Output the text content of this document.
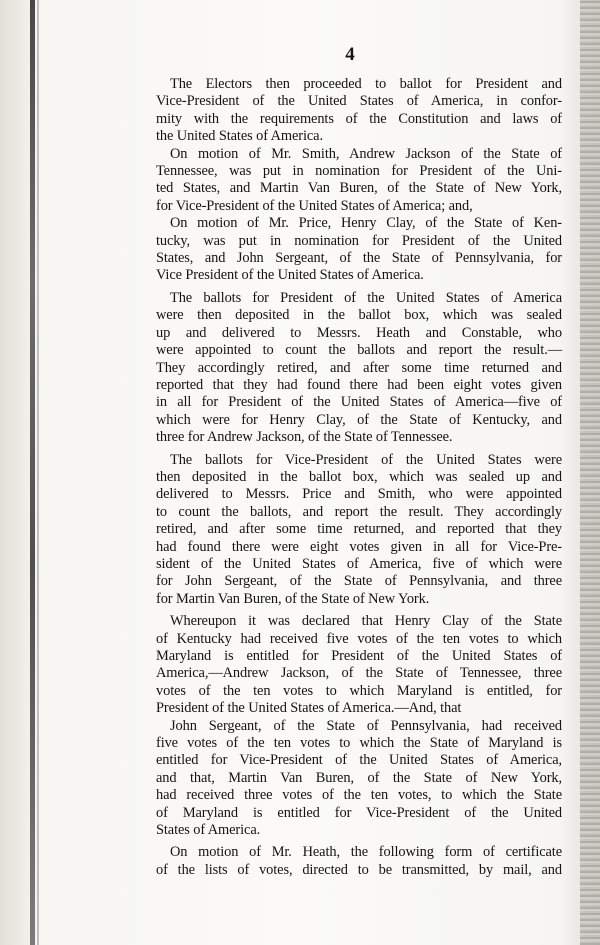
4

The Electors then proceeded to ballot for President and
Vice-President of the United States of America, in confor-
mity with the requirements of the Constitution and laws of
the United States of America.

On motion of Mr. Smith, Andrew Jackson of the State of
Tennessee, was put in nomination for President of the Uni-
ted States, and Martin Van Buren, of the State of New York,
for Vice-President of the United States of America; and,

On motion of Mr. Price, Henry Clay, of the State of Ken-
tucky, was put in nomination for President of the United
States, and John Sergeant, of the State of Pennsylvania, for
Vice President of the United States of America.

The ballots for President of the United States of America
were then deposited in the ballot box, which was sealed
up and delivered to Messrs. Heath and Constable, who
were appointed to count the ballots and report the result.—
They accordingly retired, and after some time returned and
reported that they had found there had been eight votes given
in all for President of the United States of America—five of
which were for Henry Clay, of the State of Kentucky, and
three for Andrew Jackson, of the State of Tennessee.

The ballots for Vice-President of the United States were
then deposited in the ballot box, which was sealed up and
delivered to Messrs. Price and Smith, who were appointed
to count the ballots, and report the result. They accordingly
retired, and after some time returned, and reported that they
had found there were eight votes given in all for Vice-Pre-
sident of the United States of America, five of which were
for John Sergeant, of the State of Pennsylvania, and three
for Martin Van Buren, of the State of New York.

Whereupon it was declared that Henry Clay of the State
of Kentucky had received five votes of the ten votes to which
Maryland is entitled for President of the United States of
America,—Andrew Jackson, of the State of Tennessee, three
votes of the ten votes to which Maryland is entitled, for
President of the United States of America.—And, that

John Sergeant, of the State of Pennsylvania, had received
five votes of the ten votes to which the State of Maryland is
entitled for Vice-President of the United States of America,
and that, Martin Van Buren, of the State of New York,
had received three votes of the ten votes, to which the State
of Maryland is entitled for Vice-President of the United
States of America.

On motion of Mr. Heath, the following form of certificate
of the lists of votes, directed to be transmitted, by mail, and
